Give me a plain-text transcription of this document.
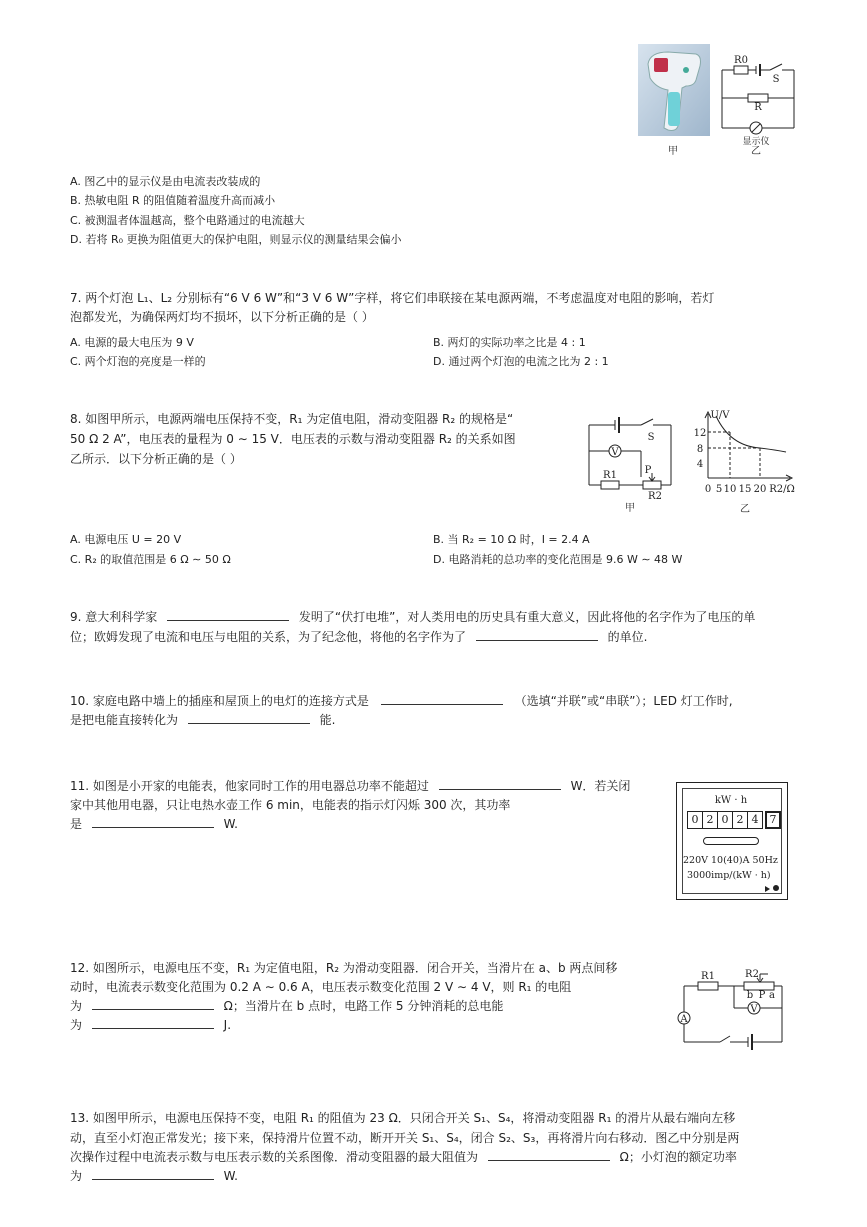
R0
S
R
显示仪
甲	乙
A. 图乙中的显示仪是由电流表改装成的
B. 热敏电阻 R 的阻值随着温度升高而减小
C. 被测温者体温越高，整个电路通过的电流越大
D. 若将 R₀ 更换为阻值更大的保护电阻，则显示仪的测量结果会偏小
7. 两个灯泡 L₁、L₂ 分别标有“6 V 6 W”和“3 V 6 W”字样，将它们串联接在某电源两端，不考虑温度对电阻的影响，若灯
泡都发光，为确保两灯均不损坏，以下分析正确的是（ ）
A. 电源的最大电压为 9 V	B. 两灯的实际功率之比是 4 : 1
C. 两个灯泡的亮度是一样的	D. 通过两个灯泡的电流之比为 2 : 1
8. 如图甲所示，电源两端电压保持不变，R₁ 为定值电阻，滑动变阻器 R₂ 的规格是“
50 Ω 2 A”，电压表的量程为 0 ∼ 15 V．电压表的示数与滑动变阻器 R₂ 的关系如图
乙所示．以下分析正确的是（ ）	V
S
R1	P
R2
甲
U/V
12
8
4
0 5 10 15 20 R2/Ω
乙
A. 电源电压 U = 20 V	B. 当 R₂ = 10 Ω 时，I = 2.4 A
C. R₂ 的取值范围是 6 Ω ∼ 50 Ω	D. 电路消耗的总功率的变化范围是 9.6 W ∼ 48 W
9. 意大利科学家	发明了“伏打电堆”，对人类用电的历史具有重大意义，因此将他的名字作为了电压的单
位；欧姆发现了电流和电压与电阻的关系，为了纪念他，将他的名字作为了	的单位.
10. 家庭电路中墙上的插座和屋顶上的电灯的连接方式是	（选填“并联”或“串联”）；LED 灯工作时,
是把电能直接转化为	能.
11. 如图是小开家的电能表，他家同时工作的用电器总功率不能超过	W．若关闭
家中其他用电器，只让电热水壶工作 6 min，电能表的指示灯闪烁 300 次，其功率
是	W.
kW · h
0 2 0 2 4	7
220V 10(40)A 50Hz
3000imp/(kW · h)
12. 如图所示，电源电压不变，R₁ 为定值电阻，R₂ 为滑动变阻器．闭合开关，当滑片在 a、b 两点间移
动时，电流表示数变化范围为 0.2 A ∼ 0.6 A，电压表示数变化范围 2 V ∼ 4 V，则 R₁ 的电阻
为	Ω；当滑片在 b 点时，电路工作 5 分钟消耗的总电能
为	J.
R1	R2
b a
P
V
A
13. 如图甲所示，电源电压保持不变，电阻 R₁ 的阻值为 23 Ω．只闭合开关 S₁、S₄，将滑动变阻器 R₁ 的滑片从最右端向左移
动，直至小灯泡正常发光；接下来，保持滑片位置不动，断开开关 S₁、S₄，闭合 S₂、S₃，再将滑片向右移动．图乙中分别是两
次操作过程中电流表示数与电压表示数的关系图像．滑动变阻器的最大阻值为	Ω；小灯泡的额定功率
为	W.
